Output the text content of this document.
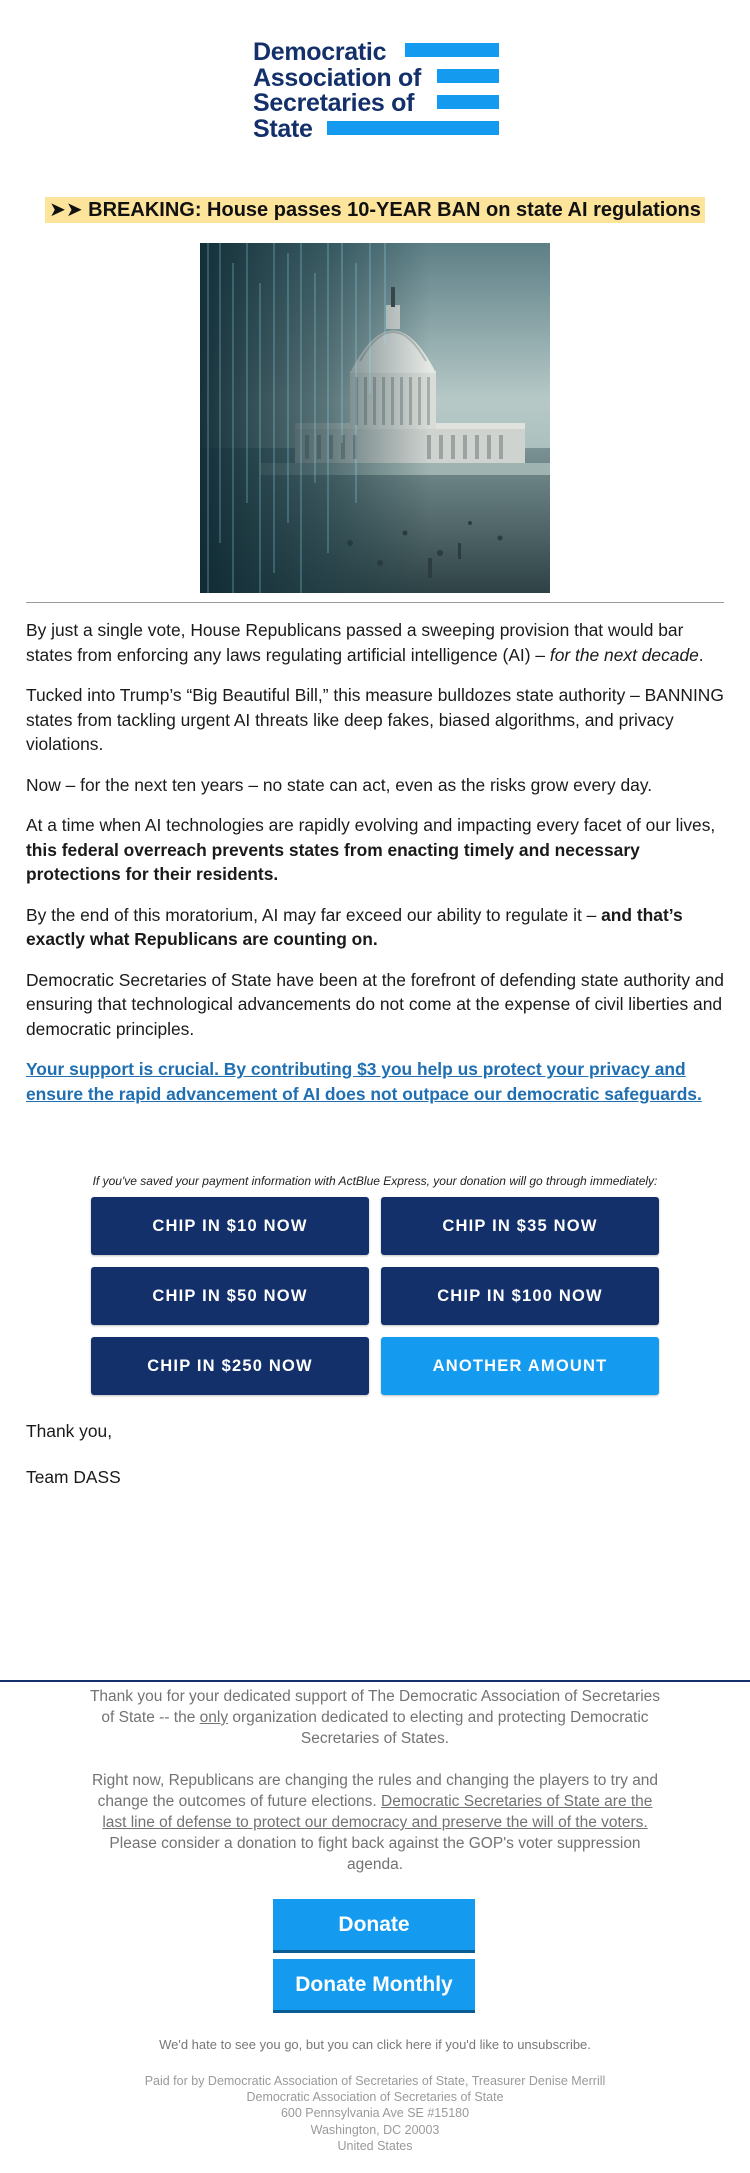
Democratic
Association of
Secretaries of
State
➤➤ BREAKING: House passes 10-YEAR BAN on state AI regulations

By just a single vote, House Republicans passed a sweeping provision that would bar states from enforcing any laws regulating artificial intelligence (AI) – for the next decade.

Tucked into Trump’s “Big Beautiful Bill,” this measure bulldozes state authority – BANNING states from tackling urgent AI threats like deep fakes, biased algorithms, and privacy violations.

Now – for the next ten years – no state can act, even as the risks grow every day.

At a time when AI technologies are rapidly evolving and impacting every facet of our lives, this federal overreach prevents states from enacting timely and necessary protections for their residents.

By the end of this moratorium, AI may far exceed our ability to regulate it – and that’s exactly what Republicans are counting on.

Democratic Secretaries of State have been at the forefront of defending state authority and ensuring that technological advancements do not come at the expense of civil liberties and democratic principles.

Your support is crucial. By contributing $3 you help us protect your privacy and ensure the rapid advancement of AI does not outpace our democratic safeguards.

If you've saved your payment information with ActBlue Express, your donation will go through immediately:
CHIP IN $10 NOW	CHIP IN $35 NOW
CHIP IN $50 NOW	CHIP IN $100 NOW
CHIP IN $250 NOW	ANOTHER AMOUNT

Thank you,

Team DASS

Thank you for your dedicated support of The Democratic Association of Secretaries of State -- the only organization dedicated to electing and protecting Democratic Secretaries of States.
Right now, Republicans are changing the rules and changing the players to try and change the outcomes of future elections. Democratic Secretaries of State are the last line of defense to protect our democracy and preserve the will of the voters. Please consider a donation to fight back against the GOP's voter suppression agenda.
Donate
Donate Monthly
We'd hate to see you go, but you can click here if you'd like to unsubscribe.
Paid for by Democratic Association of Secretaries of State, Treasurer Denise Merrill
Democratic Association of Secretaries of State
600 Pennsylvania Ave SE #15180
Washington, DC 20003
United States
